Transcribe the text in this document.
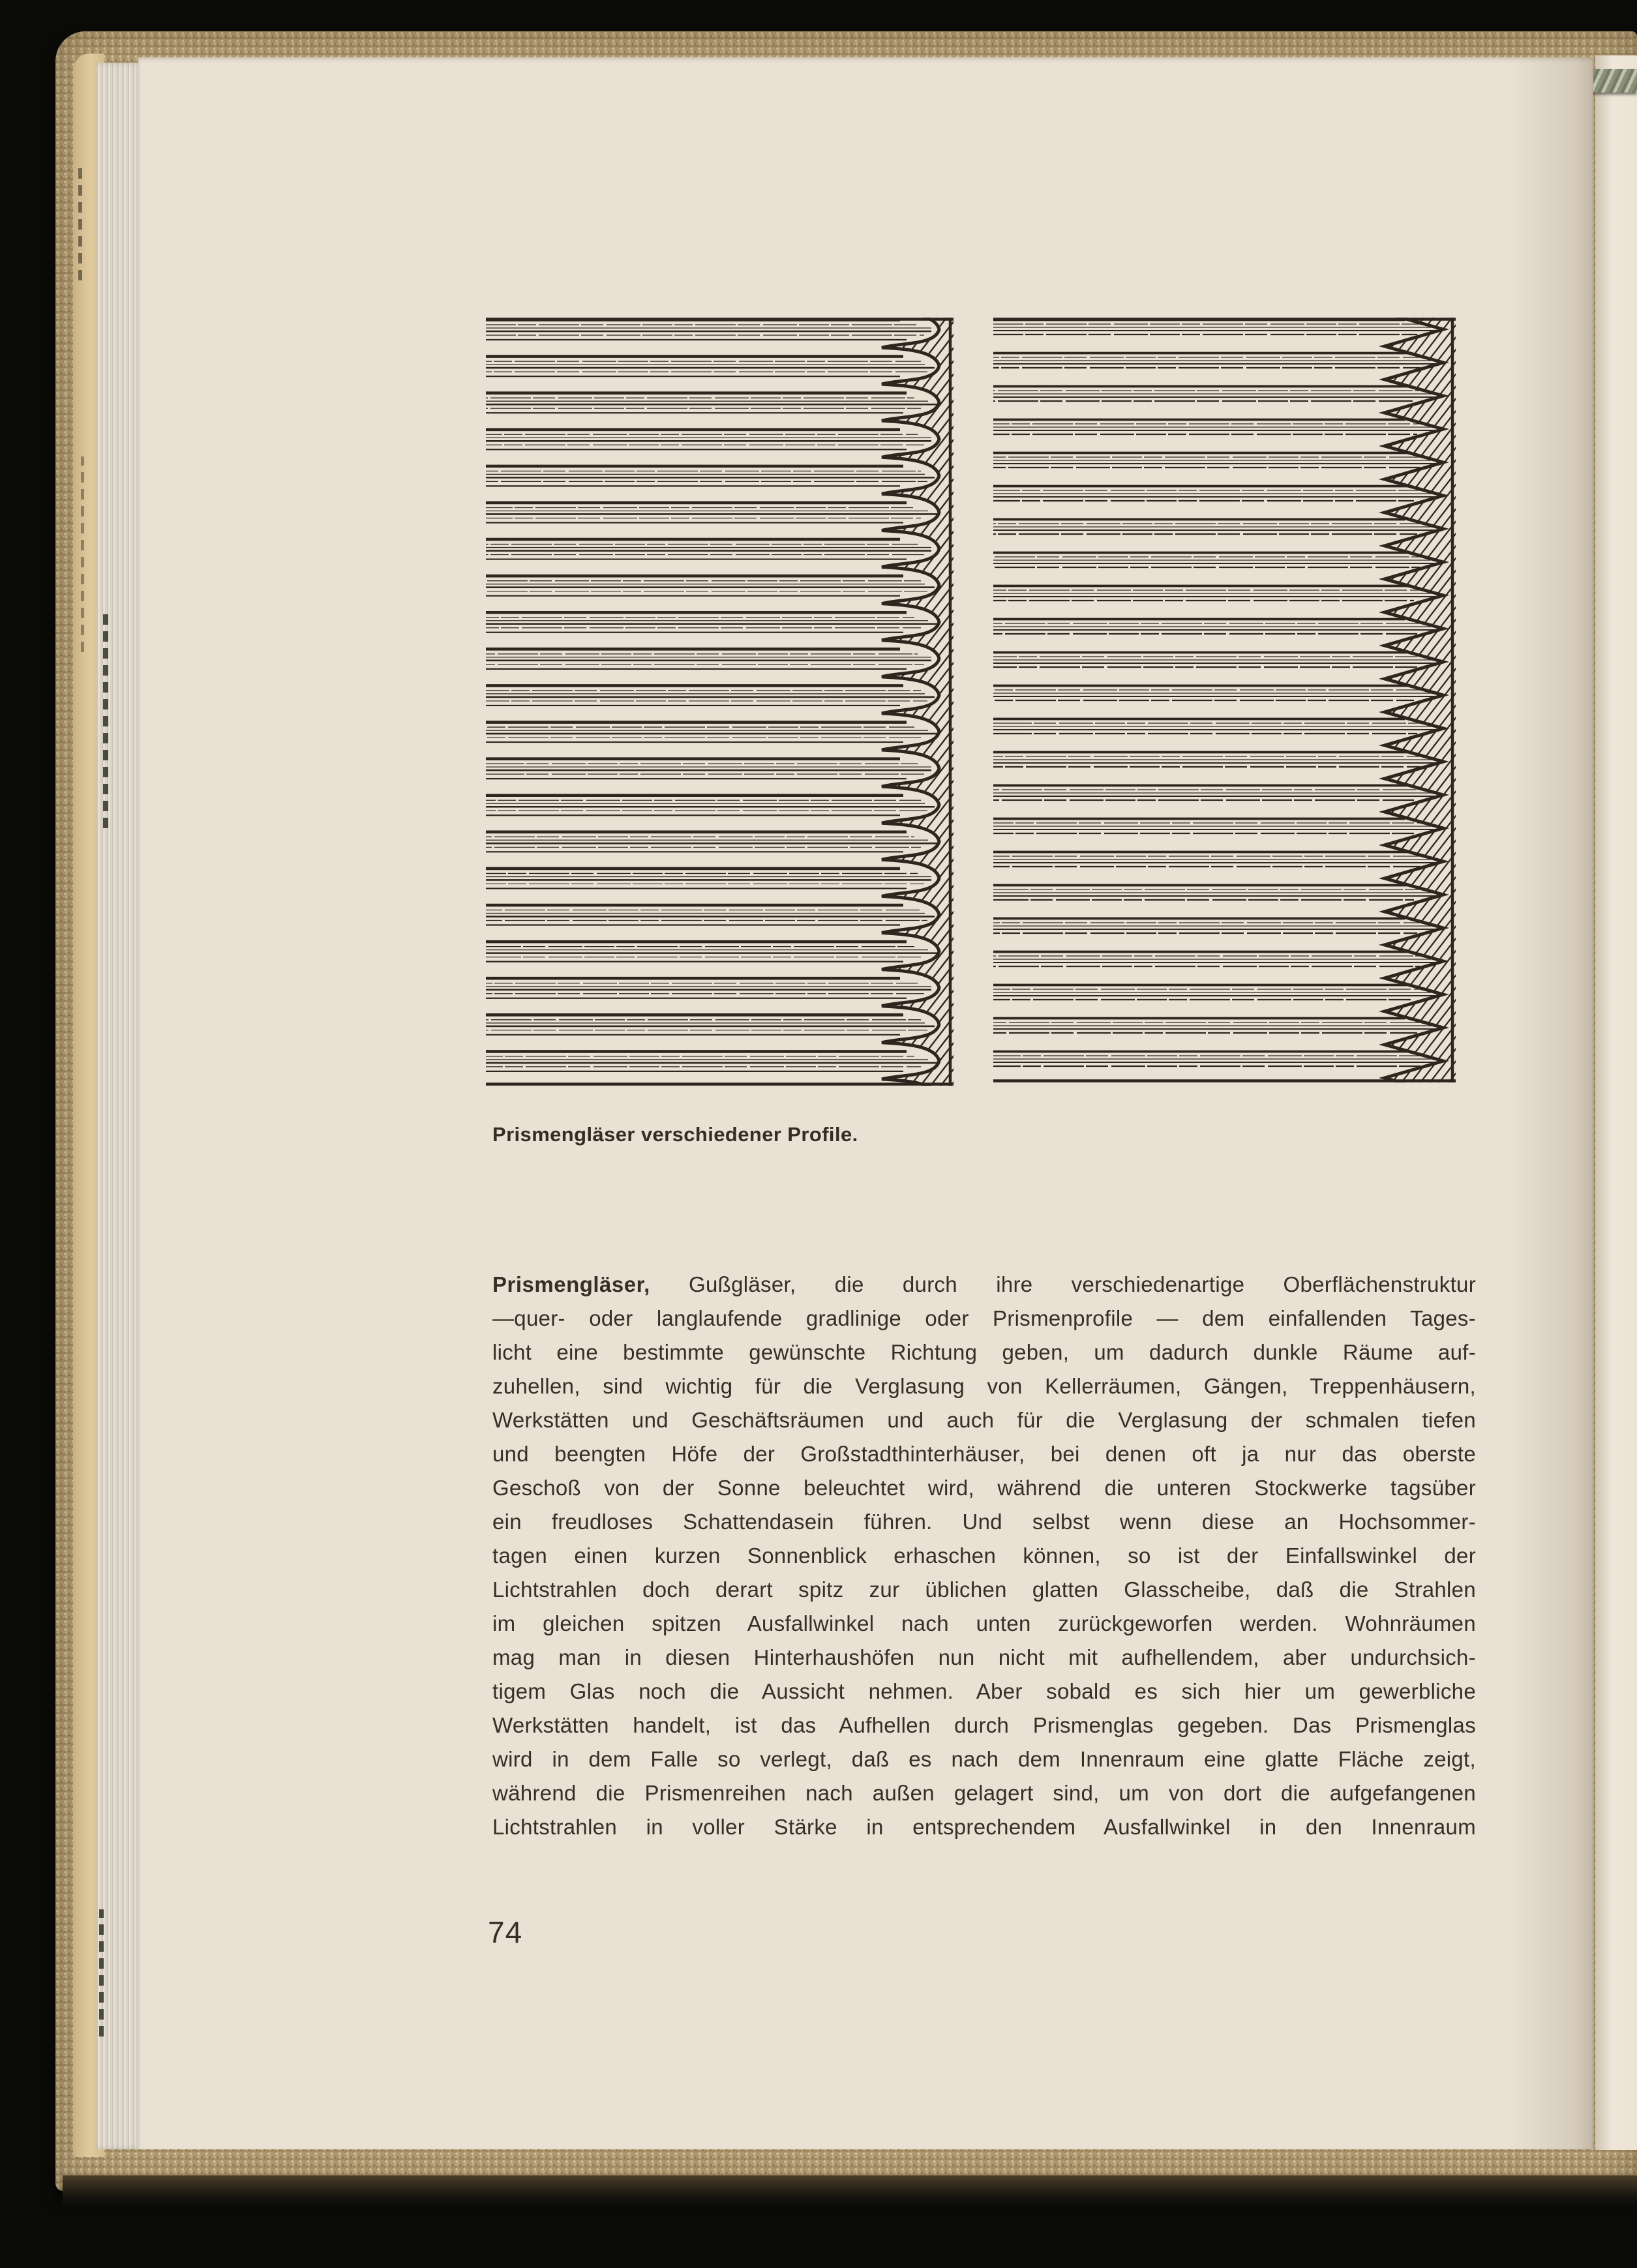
Prismengläser verschiedener Profile.
Prismengläser, Gußgläser, die durch ihre verschiedenartige Oberflächenstruktur
—quer- oder langlaufende gradlinige oder Prismenprofile — dem einfallenden Tages-
licht eine bestimmte gewünschte Richtung geben, um dadurch dunkle Räume auf-
zuhellen, sind wichtig für die Verglasung von Kellerräumen, Gängen, Treppenhäusern,
Werkstätten und Geschäftsräumen und auch für die Verglasung der schmalen tiefen
und beengten Höfe der Großstadthinterhäuser, bei denen oft ja nur das oberste
Geschoß von der Sonne beleuchtet wird, während die unteren Stockwerke tagsüber
ein freudloses Schattendasein führen. Und selbst wenn diese an Hochsommer-
tagen einen kurzen Sonnenblick erhaschen können, so ist der Einfallswinkel der
Lichtstrahlen doch derart spitz zur üblichen glatten Glasscheibe, daß die Strahlen
im gleichen spitzen Ausfallwinkel nach unten zurückgeworfen werden. Wohnräumen
mag man in diesen Hinterhaushöfen nun nicht mit aufhellendem, aber undurchsich-
tigem Glas noch die Aussicht nehmen. Aber sobald es sich hier um gewerbliche
Werkstätten handelt, ist das Aufhellen durch Prismenglas gegeben. Das Prismenglas
wird in dem Falle so verlegt, daß es nach dem Innenraum eine glatte Fläche zeigt,
während die Prismenreihen nach außen gelagert sind, um von dort die aufgefangenen
Lichtstrahlen in voller Stärke in entsprechendem Ausfallwinkel in den Innenraum
74
